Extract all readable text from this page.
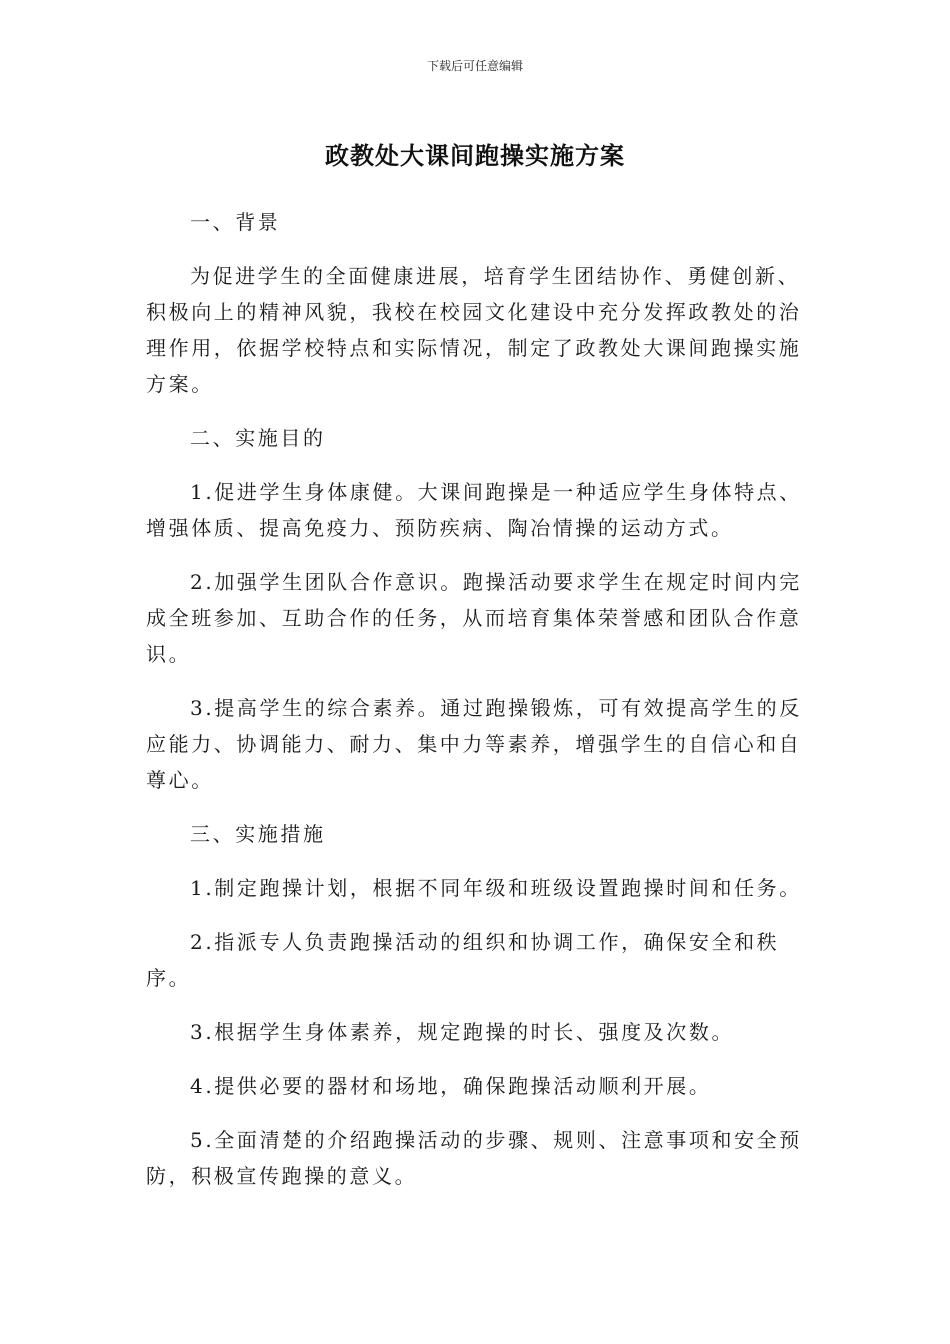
下载后可任意编辑
政教处大课间跑操实施方案

一、背景

为促进学生的全面健康进展，培育学生团结协作、勇健创新、积极向上的精神风貌，我校在校园文化建设中充分发挥政教处的治理作用，依据学校特点和实际情况，制定了政教处大课间跑操实施方案。

二、实施目的

1.促进学生身体康健。大课间跑操是一种适应学生身体特点、增强体质、提高免疫力、预防疾病、陶冶情操的运动方式。

2.加强学生团队合作意识。跑操活动要求学生在规定时间内完成全班参加、互助合作的任务，从而培育集体荣誉感和团队合作意识。

3.提高学生的综合素养。通过跑操锻炼，可有效提高学生的反应能力、协调能力、耐力、集中力等素养，增强学生的自信心和自尊心。

三、实施措施

1.制定跑操计划，根据不同年级和班级设置跑操时间和任务。

2.指派专人负责跑操活动的组织和协调工作，确保安全和秩序。

3.根据学生身体素养，规定跑操的时长、强度及次数。

4.提供必要的器材和场地，确保跑操活动顺利开展。

5.全面清楚的介绍跑操活动的步骤、规则、注意事项和安全预防，积极宣传跑操的意义。
